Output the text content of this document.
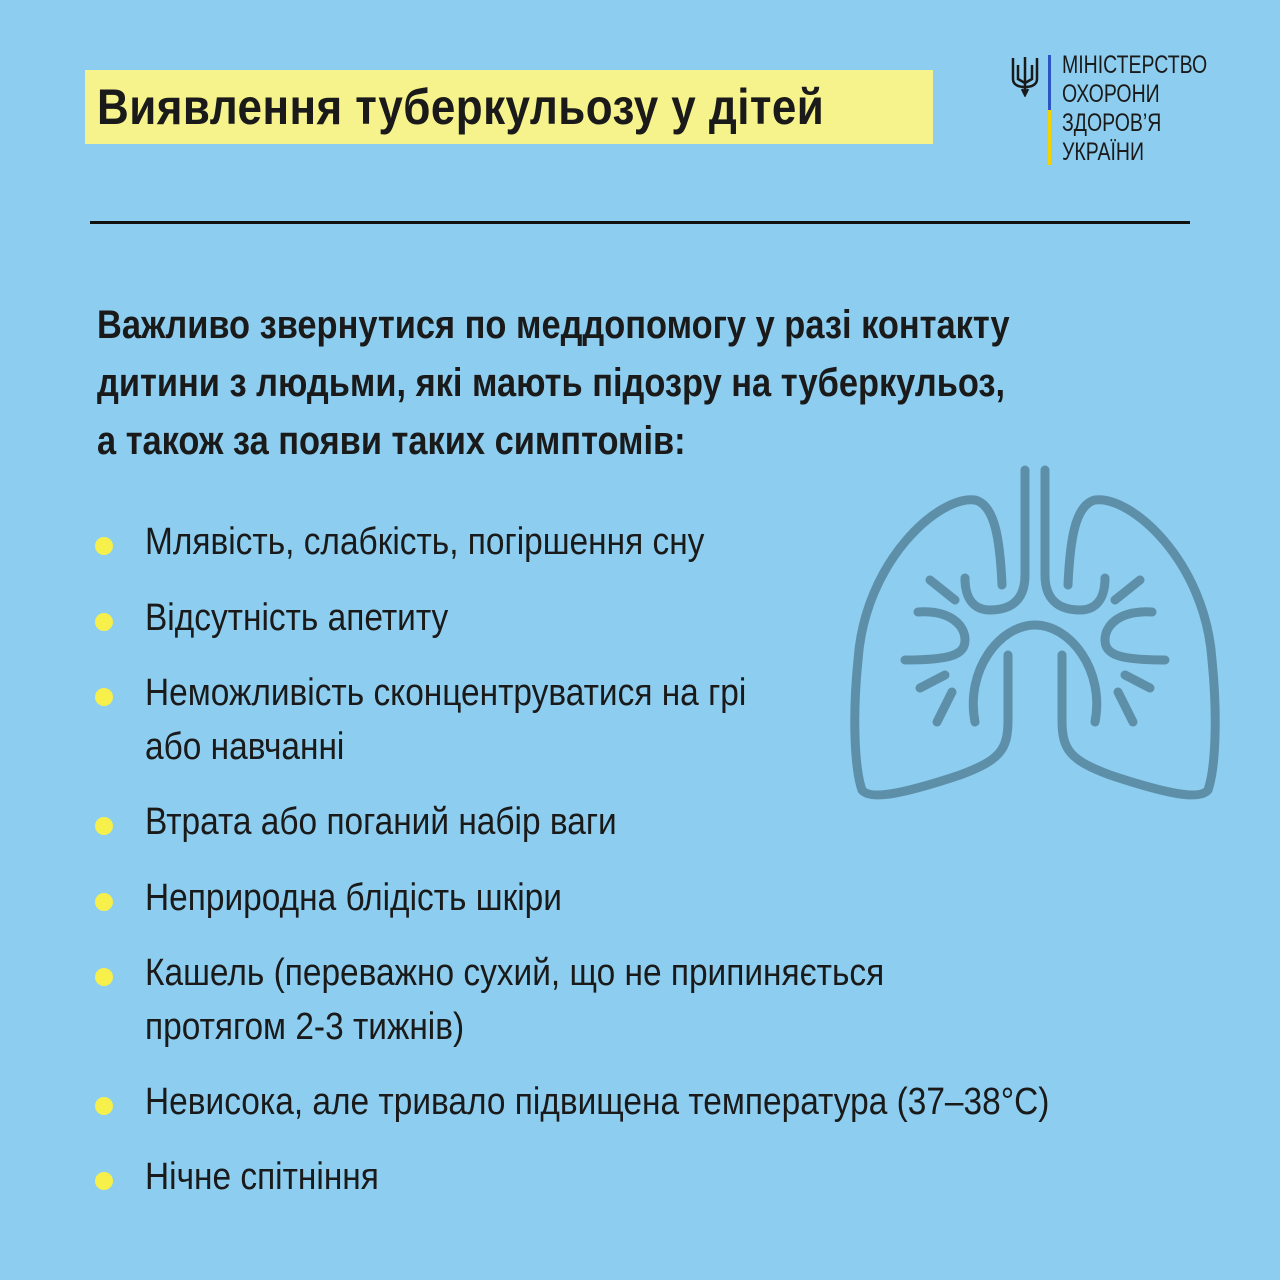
Виявлення туберкульозу у дітей
МІНІСТЕРСТВО
ОХОРОНИ
ЗДОРОВ’Я
УКРАЇНИ
Важливо звернутися по меддопомогу у разі контакту
дитини з людьми, які мають підозру на туберкульоз,
а також за появи таких симптомів:
Млявість, слабкість, погіршення сну
Відсутність апетиту
Неможливість сконцентруватися на грі
або навчанні
Втрата або поганий набір ваги
Неприродна блідість шкіри
Кашель (переважно сухий, що не припиняється
протягом 2-3 тижнів)
Невисока, але тривало підвищена температура (37–38°C)
Нічне спітніння
